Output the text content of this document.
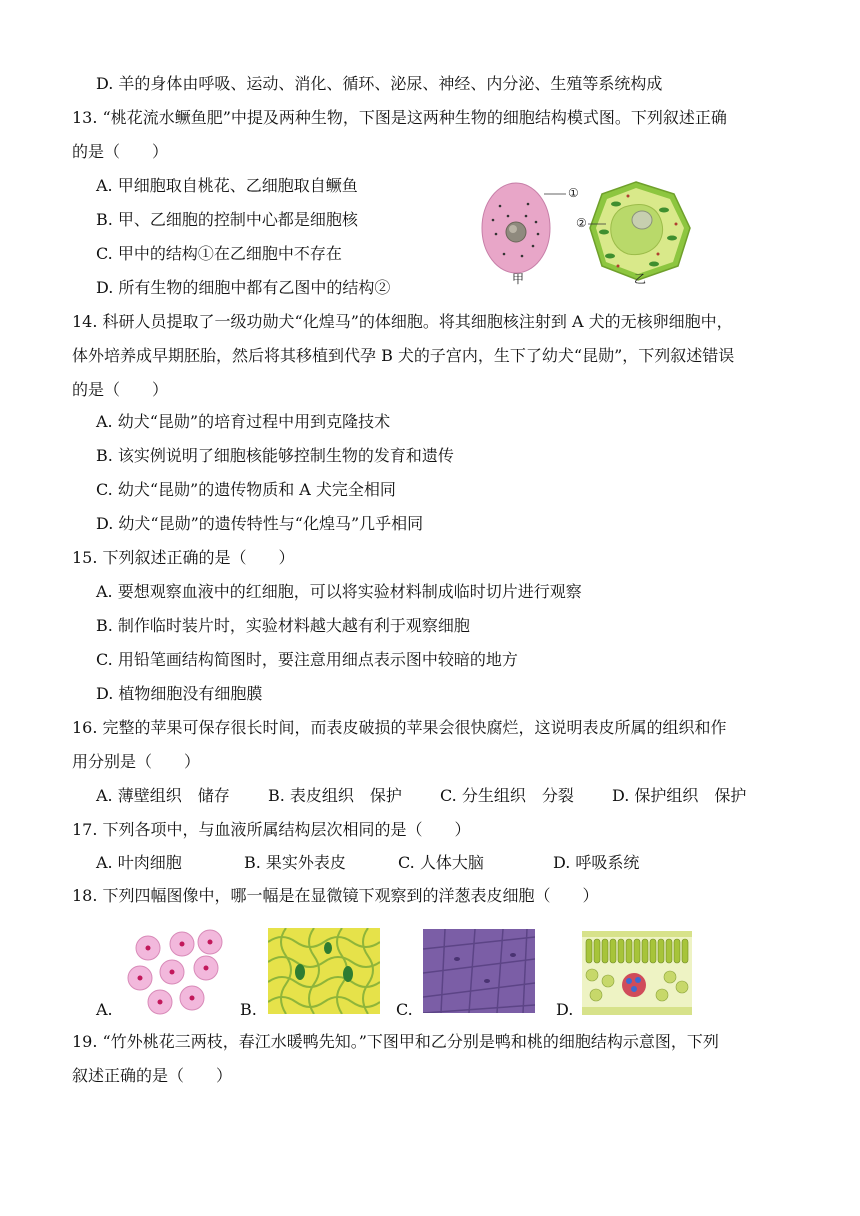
D. 羊的身体由呼吸、运动、消化、循环、泌尿、神经、内分泌、生殖等系统构成
13. “桃花流水鳜鱼肥”中提及两种生物，下图是这两种生物的细胞结构模式图。下列叙述正确
的是（　　）
A. 甲细胞取自桃花、乙细胞取自鳜鱼
B. 甲、乙细胞的控制中心都是细胞核
C. 甲中的结构①在乙细胞中不存在
D. 所有生物的细胞中都有乙图中的结构②
①
②
甲	乙
14. 科研人员提取了一级功勋犬“化煌马”的体细胞。将其细胞核注射到 A 犬的无核卵细胞中，
体外培养成早期胚胎，然后将其移植到代孕 B 犬的子宫内，生下了幼犬“昆勋”，下列叙述错误
的是（　　）
A. 幼犬“昆勋”的培育过程中用到克隆技术
B. 该实例说明了细胞核能够控制生物的发育和遗传
C. 幼犬“昆勋”的遗传物质和 A 犬完全相同
D. 幼犬“昆勋”的遗传特性与“化煌马”几乎相同
15. 下列叙述正确的是（　　）
A. 要想观察血液中的红细胞，可以将实验材料制成临时切片进行观察
B. 制作临时装片时，实验材料越大越有利于观察细胞
C. 用铅笔画结构简图时，要注意用细点表示图中较暗的地方
D. 植物细胞没有细胞膜
16. 完整的苹果可保存很长时间，而表皮破损的苹果会很快腐烂，这说明表皮所属的组织和作
用分别是（　　）
A. 薄壁组织　储存 B. 表皮组织　保护 C. 分生组织　分裂 D. 保护组织　保护
17. 下列各项中，与血液所属结构层次相同的是（　　）
A. 叶肉细胞	B. 果实外表皮	C. 人体大脑	D. 呼吸系统
18. 下列四幅图像中，哪一幅是在显微镜下观察到的洋葱表皮细胞（　　）
A.	B.	C.	D.
19. “竹外桃花三两枝，春江水暖鸭先知。”下图甲和乙分别是鸭和桃的细胞结构示意图，下列
叙述正确的是（　　）
